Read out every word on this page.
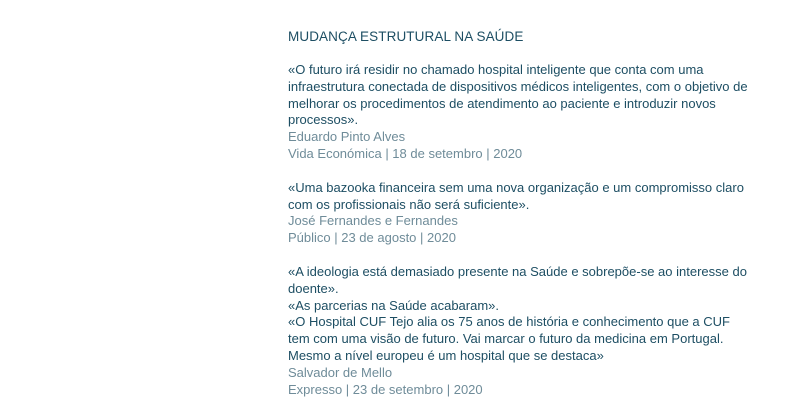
MUDANÇA ESTRUTURAL NA SAÚDE

«O futuro irá residir no chamado hospital inteligente que conta com uma infraestrutura conectada de dispositivos médicos inteligentes, com o objetivo de melhorar os procedimentos de atendimento ao paciente e introduzir novos processos».

Eduardo Pinto Alves

Vida Económica | 18 de setembro | 2020

«Uma bazooka financeira sem uma nova organização e um compromisso claro com os profissionais não será suficiente».

José Fernandes e Fernandes

Público | 23 de agosto | 2020

«A ideologia está demasiado presente na Saúde e sobrepõe-se ao interesse do doente».

«As parcerias na Saúde acabaram».

«O Hospital CUF Tejo alia os 75 anos de história e conhecimento que a CUF tem com uma visão de futuro. Vai marcar o futuro da medicina em Portugal. Mesmo a nível europeu é um hospital que se destaca»

Salvador de Mello

Expresso | 23 de setembro | 2020
